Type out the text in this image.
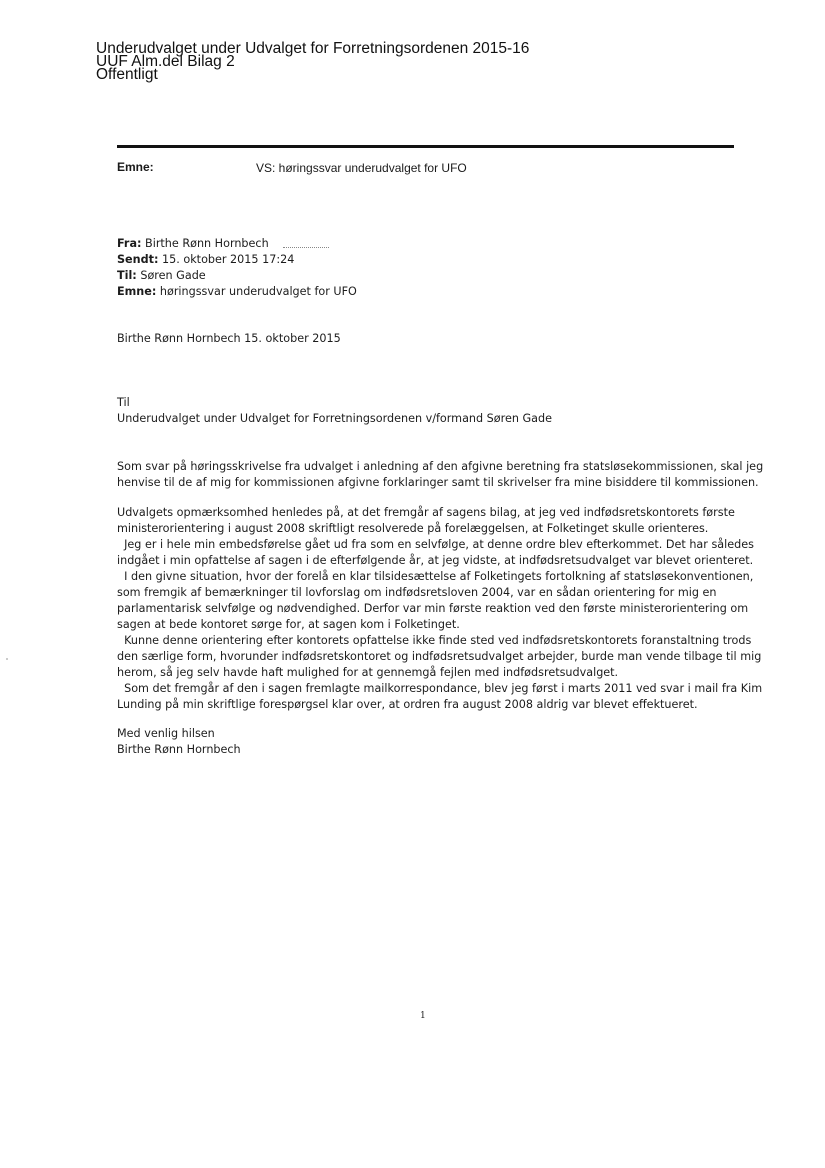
Underudvalget under Udvalget for Forretningsordenen 2015-16
UUF Alm.del Bilag 2
Offentligt
Emne:	VS: høringssvar underudvalget for UFO
Fra: Birthe Rønn Hornbech
Sendt: 15. oktober 2015 17:24
Til: Søren Gade
Emne: høringssvar underudvalget for UFO
Birthe Rønn Hornbech 15. oktober 2015
Til
Underudvalget under Udvalget for Forretningsordenen v/formand Søren Gade
Som svar på høringsskrivelse fra udvalget i anledning af den afgivne beretning fra statsløsekommissionen, skal jeg
henvise til de af mig for kommissionen afgivne forklaringer samt til skrivelser fra mine bisiddere til kommissionen.
Udvalgets opmærksomhed henledes på, at det fremgår af sagens bilag, at jeg ved indfødsretskontorets første
ministerorientering i august 2008 skriftligt resolverede på forelæggelsen, at Folketinget skulle orienteres.
Jeg er i hele min embedsførelse gået ud fra som en selvfølge, at denne ordre blev efterkommet. Det har således
indgået i min opfattelse af sagen i de efterfølgende år, at jeg vidste, at indfødsretsudvalget var blevet orienteret.
I den givne situation, hvor der forelå en klar tilsidesættelse af Folketingets fortolkning af statsløsekonventionen,
som fremgik af bemærkninger til lovforslag om indfødsretsloven 2004, var en sådan orientering for mig en
parlamentarisk selvfølge og nødvendighed. Derfor var min første reaktion ved den første ministerorientering om
sagen at bede kontoret sørge for, at sagen kom i Folketinget.
Kunne denne orientering efter kontorets opfattelse ikke finde sted ved indfødsretskontorets foranstaltning trods
den særlige form, hvorunder indfødsretskontoret og indfødsretsudvalget arbejder, burde man vende tilbage til mig
herom, så jeg selv havde haft mulighed for at gennemgå fejlen med indfødsretsudvalget.
Som det fremgår af den i sagen fremlagte mailkorrespondance, blev jeg først i marts 2011 ved svar i mail fra Kim
Lunding på min skriftlige forespørgsel klar over, at ordren fra august 2008 aldrig var blevet effektueret.
Med venlig hilsen
Birthe Rønn Hornbech
1
